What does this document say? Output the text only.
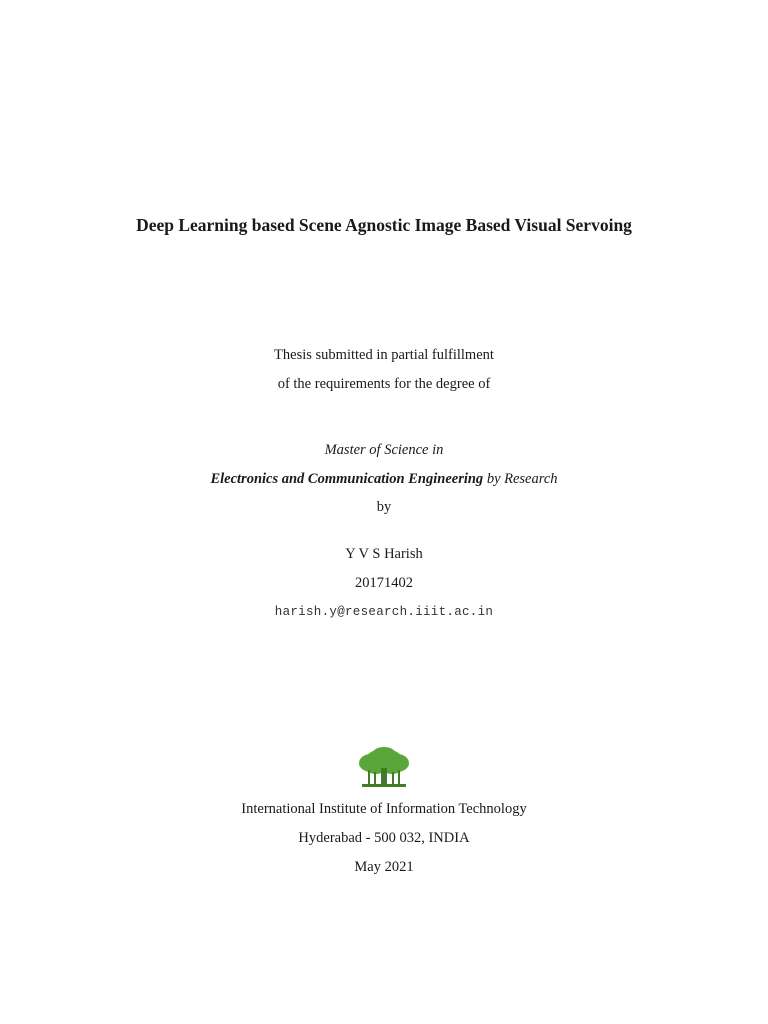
Deep Learning based Scene Agnostic Image Based Visual Servoing
Thesis submitted in partial fulfillment
of the requirements for the degree of
Master of Science in
Electronics and Communication Engineering by Research
by
Y V S Harish
20171402
harish.y@research.iiit.ac.in
International Institute of Information Technology
Hyderabad - 500 032, INDIA
May 2021
